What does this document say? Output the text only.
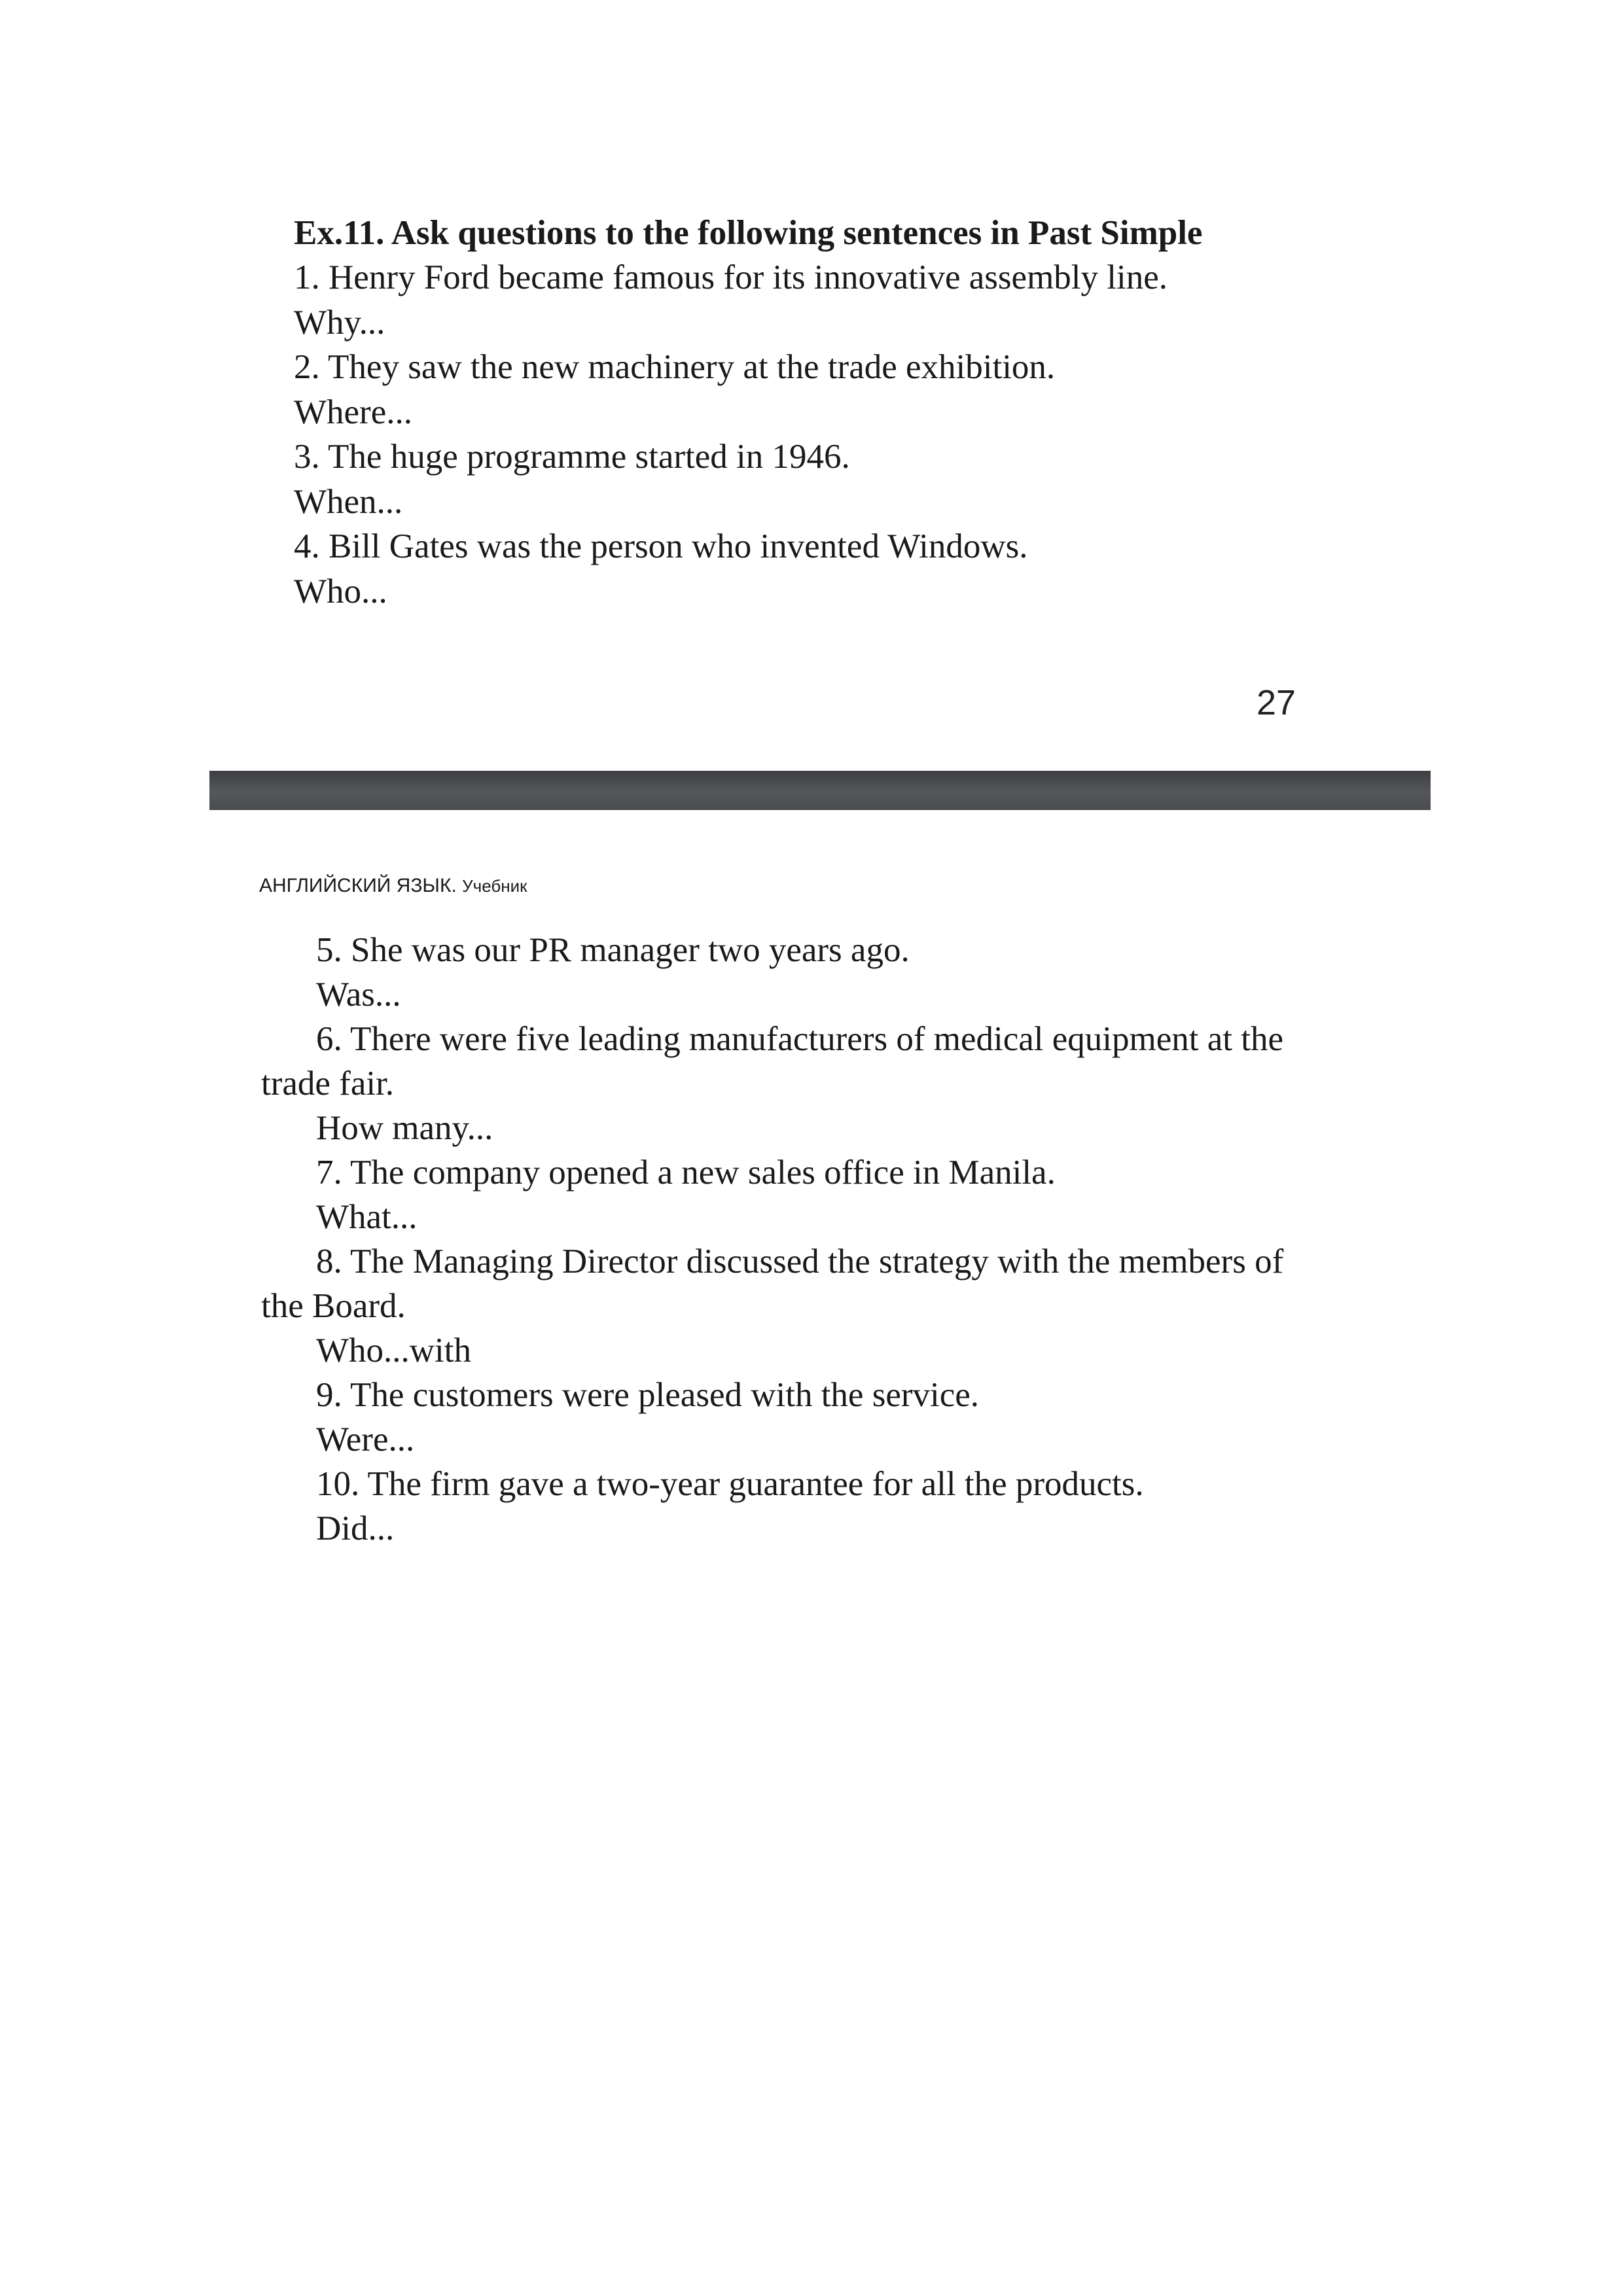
Ex.11. Ask questions to the following sentences in Past Simple

1. Henry Ford became famous for its innovative assembly line.

Why...

2. They saw the new machinery at the trade exhibition.

Where...

3. The huge programme started in 1946.

When...

4. Bill Gates was the person who invented Windows.

Who...

27
АНГЛИЙСКИЙ ЯЗЫК. Учебник

5. She was our PR manager two years ago.

Was...

6. There were five leading manufacturers of medical equipment at the trade fair.

How many...

7. The company opened a new sales office in Manila.

What...

8. The Managing Director discussed the strategy with the members of the Board.

Who...with

9. The customers were pleased with the service.

Were...

10. The firm gave a two-year guarantee for all the products.

Did...
